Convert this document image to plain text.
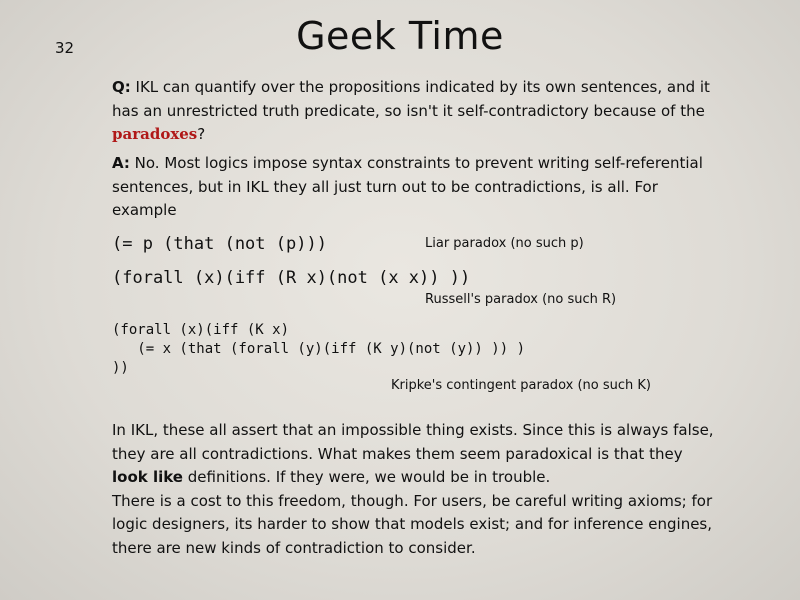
32	Geek Time
Q: IKL can quantify over the propositions indicated by its own sentences, and it has an unrestricted truth predicate, so isn't it self-contradictory because of the paradoxes?
A: No. Most logics impose syntax constraints to prevent writing self-referential sentences, but in IKL they all just turn out to be contradictions, is all. For example
(= p (that (not (p)))	Liar paradox (no such p)
(forall (x)(iff (R x)(not (x x)) ))
Russell's paradox (no such R)
(forall (x)(iff (K x)
(= x (that (forall (y)(iff (K y)(not (y)) )) )
))
Kripke's contingent paradox (no such K)
In IKL, these all assert that an impossible thing exists. Since this is always false, they are all contradictions. What makes them seem paradoxical is that they look like definitions. If they were, we would be in trouble.
There is a cost to this freedom, though. For users, be careful writing axioms; for logic designers, its harder to show that models exist; and for inference engines, there are new kinds of contradiction to consider.
